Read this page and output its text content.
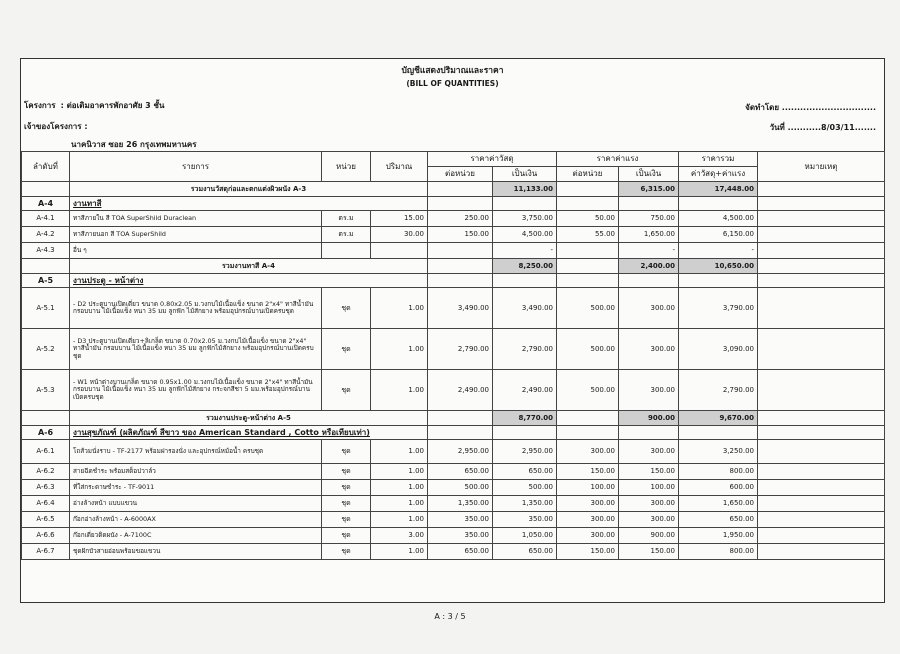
บัญชีแสดงปริมาณและราคา
(BILL OF QUANTITIES)
โครงการ : ต่อเติมอาคารพักอาศัย 3 ชั้น
เจ้าของโครงการ :
นาคนิวาส ซอย 26 กรุงเทพมหานคร
จัดทำโดย ...............................
วันที่ ...........8/03/11.......
ลำดับที่	รายการ	หน่วย	ปริมาณ	ราคาค่าวัสดุ		ราคาค่าแรง		ราคารวม	หมายเหตุ
				ต่อหน่วย	เป็นเงิน	ต่อหน่วย	เป็นเงิน	ค่าวัสดุ+ค่าแรง	
	รวมงานวัสดุก่อและตกแต่งผิวผนัง A-3				11,133.00		6,315.00	17,448.00	
A-4	งานทาสี								
A-4.1	ทาสีภายใน สี TOA SuperShild Duraclean	ตร.ม	15.00	250.00	3,750.00	50.00	750.00	4,500.00	
A-4.2	ทาสีภายนอก สี TOA SuperShild	ตร.ม	30.00	150.00	4,500.00	55.00	1,650.00	6,150.00	
A-4.3	อื่น ๆ				-		-	-	
	รวมงานทาสี A-4				8,250.00		2,400.00	10,650.00	
A-5	งานประตู - หน้าต่าง								
A-5.1	- D2 ประตูบานเปิดเดี่ยว ขนาด 0.80x2.05 ม.วงกบไม้เนื้อแข็ง ขนาด 2"x4" ทาสีน้ำมัน กรอบบาน ไม้เนื้อแข็ง หนา 35 มม ลูกฟัก ไม้สักยาง พร้อมอุปกรณ์บานเปิดครบชุด	ชุด	1.00	3,490.00	3,490.00	500.00	300.00	3,790.00	
A-5.2	- D3 ประตูบานเปิดเดี่ยว+ลิเกล็ด ขนาด 0.70x2.05 ม.วงกบไม้เนื้อแข็ง ขนาด 2"x4" ทาสีน้ำมัน กรอบบาน ไม้เนื้อแข็ง หนา 35 มม ลูกฟักไม้สักยาง พร้อมอุปกรณ์บานเปิดครบชุด	ชุด	1.00	2,790.00	2,790.00	500.00	300.00	3,090.00	
A-5.3	- W1 หน้าต่างบานเกล็ด ขนาด 0.95x1.00 ม.วงกบไม้เนื้อแข็ง ขนาด 2"x4" ทาสีน้ำมัน กรอบบาน ไม้เนื้อแข็ง หนา 35 มม ลูกฟักไม้สักยาง กระจกสีชา 5 มม.พร้อมอุปกรณ์บานเปิดครบชุด	ชุด	1.00	2,490.00	2,490.00	500.00	300.00	2,790.00	
	รวมงานประตู-หน้าต่าง A-5				8,770.00		900.00	9,670.00	
A-6	งานสุขภัณฑ์ (ผลิตภัณฑ์ สีขาว ของ American Standard , Cotto หรือเทียบเท่า)								
A-6.1	โถส้วมนั่งราบ - TF-2177 พร้อมฝารองนั่ง และอุปกรณ์หม้อน้ำ ครบชุด	ชุด	1.00	2,950.00	2,950.00	300.00	300.00	3,250.00	
A-6.2	สายฉีดชำระ พร้อมสต็อปวาล์ว	ชุด	1.00	650.00	650.00	150.00	150.00	800.00	
A-6.3	ที่ใส่กระดาษชำระ - TF-9011	ชุด	1.00	500.00	500.00	100.00	100.00	600.00	
A-6.4	อ่างล้างหน้า แบบแขวน	ชุด	1.00	1,350.00	1,350.00	300.00	300.00	1,650.00	
A-6.5	ก๊อกอ่างล้างหน้า - A-6000AX	ชุด	1.00	350.00	350.00	300.00	300.00	650.00	
A-6.6	ก๊อกเดี่ยวติดผนัง - A-7100C	ชุด	3.00	350.00	1,050.00	300.00	900.00	1,950.00	
A-6.7	ชุดฝักบัวสายอ่อนพร้อมขอแขวน	ชุด	1.00	650.00	650.00	150.00	150.00	800.00	
A : 3 / 5
